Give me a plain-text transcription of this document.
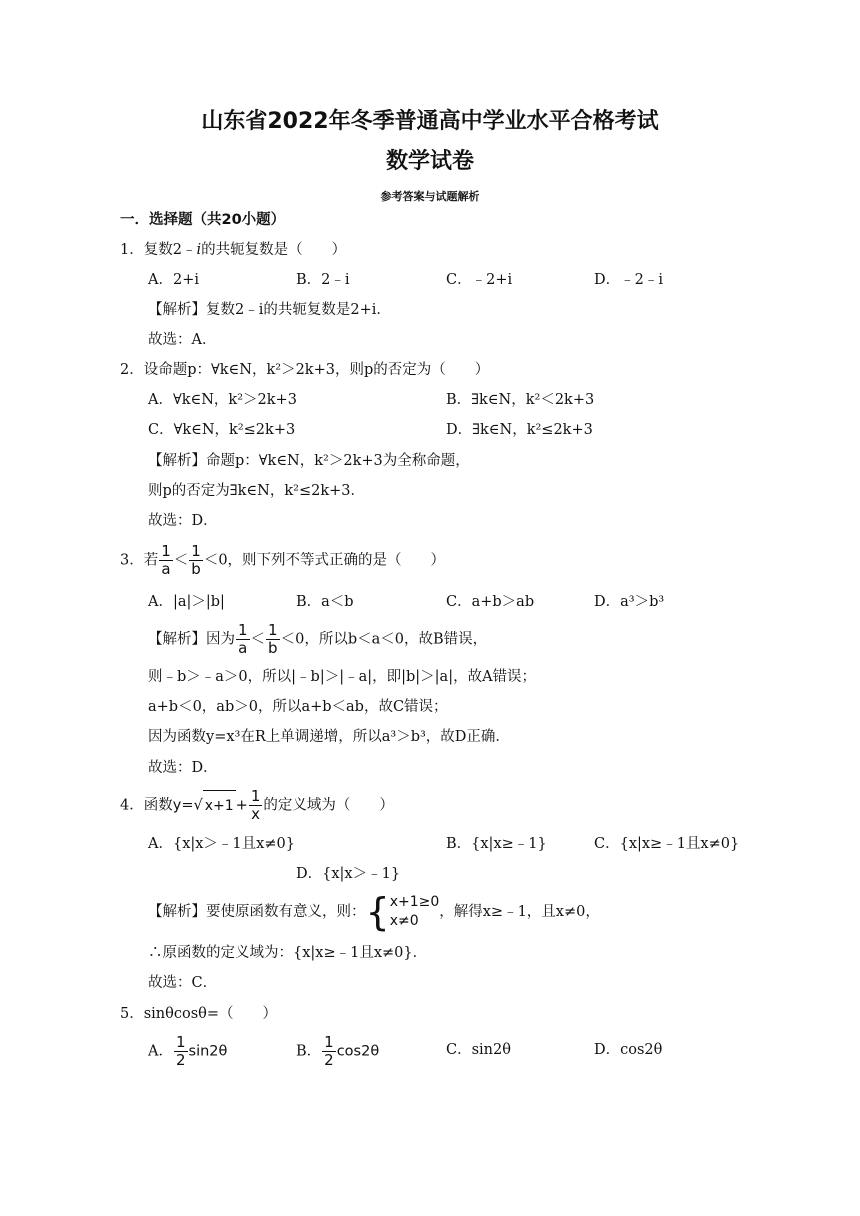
山东省2022年冬季普通高中学业水平合格考试
数学试卷
参考答案与试题解析
一．选择题（共20小题）
1．复数2﹣i的共轭复数是（　　）
A．2+i	B．2﹣i	C．﹣2+i	D．﹣2﹣i
【解析】复数2﹣i的共轭复数是2+i．
故选：A．
2．设命题p：∀k∈N，k²＞2k+3，则p的否定为（　　）
A．∀k∈N，k²＞2k+3	B．∃k∈N，k²＜2k+3
C．∀k∈N，k²≤2k+3	D．∃k∈N，k²≤2k+3
【解析】命题p：∀k∈N，k²＞2k+3为全称命题，
则p的否定为∃k∈N，k²≤2k+3．
故选：D．
3．若 $\frac{1}{a} < \frac{1}{b} <0$，则下列不等式正确的是（　　）
A．|a|＞|b|	B．a＜b	C．a+b＞ab	D．a³＞b³
【解析】因为 $\frac{1}{a} < \frac{1}{b} <0$，所以b＜a＜0，故B错误，
则﹣b＞﹣a＞0，所以|﹣b|＞|﹣a|，即|b|＞|a|，故A错误；
a+b＜0，ab＞0，所以a+b＜ab，故C错误；
因为函数y=x³在R上单调递增，所以a³＞b³，故D正确．
故选：D．
4．函数y=√ $x+1 + \frac{1}{x}$ 的定义域为（　　）
A．{x|x＞﹣1且x≠0}	B．{x|x≥﹣1}	C．{x|x≥﹣1且x≠0}
D．{x|x＞﹣1}
【解析】要使原函数有意义，则： { x+1≥0
x≠0
，解得x≥﹣1，且x≠0，
∴原函数的定义域为：{x|x≥﹣1且x≠0}．
故选：C．
5．sinθcosθ=（　　）
A． $\frac{1}{2} \sin 2\theta$	B． $\frac{1}{2} \cos 2\theta$	C．sin2θ	D．cos2θ
